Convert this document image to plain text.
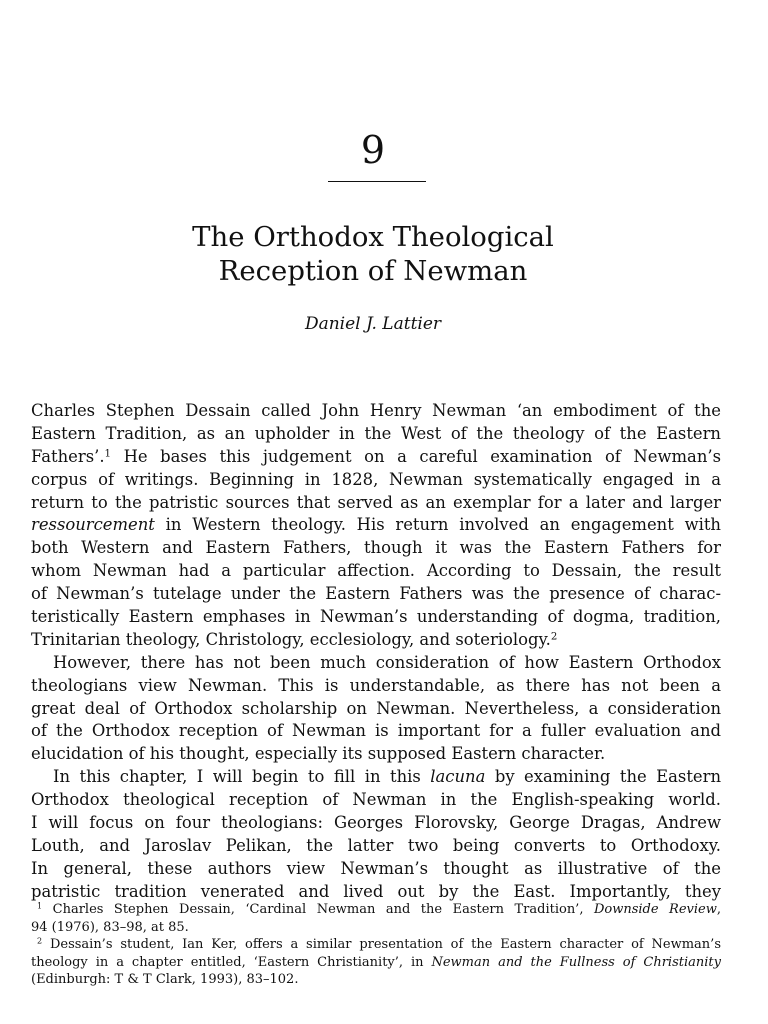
9
The Orthodox Theological
Reception of Newman
Daniel J. Lattier
Charles Stephen Dessain called John Henry Newman ‘an embodiment of the
Eastern Tradition, as an upholder in the West of the theology of the Eastern
Fathers’.$^1$ He bases this judgement on a careful examination of Newman’s
corpus of writings. Beginning in 1828, Newman systematically engaged in a
return to the patristic sources that served as an exemplar for a later and larger
ressourcement in Western theology. His return involved an engagement with
both Western and Eastern Fathers, though it was the Eastern Fathers for
whom Newman had a particular affection. According to Dessain, the result
of Newman’s tutelage under the Eastern Fathers was the presence of charac-
teristically Eastern emphases in Newman’s understanding of dogma, tradition,
Trinitarian theology, Christology, ecclesiology, and soteriology.$^2$
However, there has not been much consideration of how Eastern Orthodox
theologians view Newman. This is understandable, as there has not been a
great deal of Orthodox scholarship on Newman. Nevertheless, a consideration
of the Orthodox reception of Newman is important for a fuller evaluation and
elucidation of his thought, especially its supposed Eastern character.
In this chapter, I will begin to fill in this lacuna by examining the Eastern
Orthodox theological reception of Newman in the English-speaking world.
I will focus on four theologians: Georges Florovsky, George Dragas, Andrew
Louth, and Jaroslav Pelikan, the latter two being converts to Orthodoxy.
In general, these authors view Newman’s thought as illustrative of the
patristic tradition venerated and lived out by the East. Importantly, they
$^1$ Charles Stephen Dessain, ‘Cardinal Newman and the Eastern Tradition’, Downside Review,
94 (1976), 83–98, at 85.
$^2$ Dessain’s student, Ian Ker, offers a similar presentation of the Eastern character of Newman’s
theology in a chapter entitled, ‘Eastern Christianity’, in Newman and the Fullness of Christianity
(Edinburgh: T & T Clark, 1993), 83–102.
